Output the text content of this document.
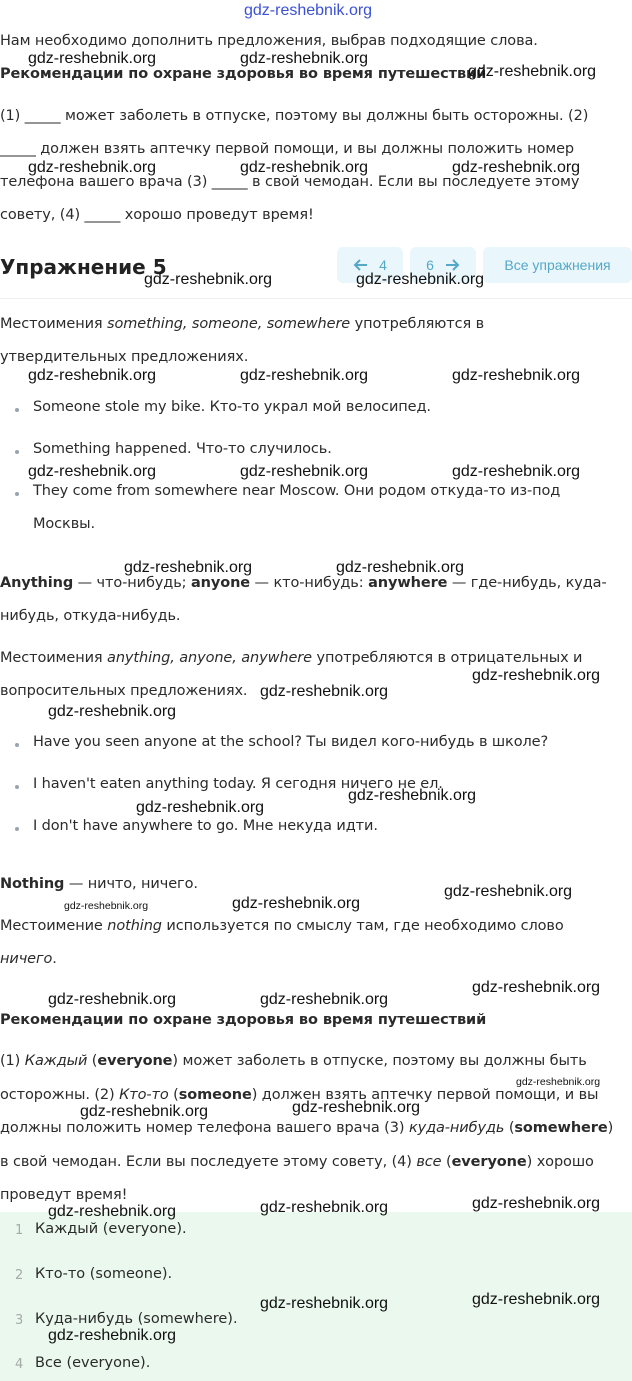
gdz-reshebnik.org
Нам необходимо дополнить предложения, выбрав подходящие слова.
Рекомендации по охране здоровья во время путешествий
(1) _____ может заболеть в отпуске, поэтому вы должны быть осторожны. (2)
_____ должен взять аптечку первой помощи, и вы должны положить номер
телефона вашего врача (3) _____ в свой чемодан. Если вы последуете этому
совету, (4) _____ хорошо проведут время!
Упражнение 5	4	6	Все упражнения
Местоимения something, someone, somewhere употребляются в
утвердительных предложениях.
Someone stole my bike. Кто-то украл мой велосипед.
Something happened. Что-то случилось.
They come from somewhere near Moscow. Они родом откуда-то из-под
Москвы.
Anything — что-нибудь; anyone — кто-нибудь: anywhere — где-нибудь, куда-
нибудь, откуда-нибудь.
Местоимения anything, anyone, anywhere употребляются в отрицательных и
вопросительных предложениях.
Have you seen anyone at the school? Ты видел кого-нибудь в школе?
I haven't eaten anything today. Я сегодня ничего не ел.
I don't have anywhere to go. Мне некуда идти.
Nothing — ничто, ничего.
Местоимение nothing используется по смыслу там, где необходимо слово
ничего.
Рекомендации по охране здоровья во время путешествий
(1) Каждый (everyone) может заболеть в отпуске, поэтому вы должны быть
осторожны. (2) Кто-то (someone) должен взять аптечку первой помощи, и вы
должны положить номер телефона вашего врача (3) куда-нибудь (somewhere)
в свой чемодан. Если вы последуете этому совету, (4) все (everyone) хорошо
проведут время!
1 Каждый (everyone).
2 Кто-то (someone).
3 Куда-нибудь (somewhere).
4 Все (everyone).
gdz-reshebnik.org	gdz-reshebnik.org
gdz-reshebnik.org
gdz-reshebnik.org	gdz-reshebnik.org	gdz-reshebnik.org
gdz-reshebnik.org	gdz-reshebnik.org
gdz-reshebnik.org	gdz-reshebnik.org	gdz-reshebnik.org
gdz-reshebnik.org	gdz-reshebnik.org	gdz-reshebnik.org
gdz-reshebnik.org	gdz-reshebnik.org
gdz-reshebnik.org
gdz-reshebnik.org
gdz-reshebnik.org
gdz-reshebnik.org
gdz-reshebnik.org
gdz-reshebnik.org
gdz-reshebnik.org	gdz-reshebnik.org
gdz-reshebnik.org
gdz-reshebnik.org	gdz-reshebnik.org
gdz-reshebnik.org
gdz-reshebnik.org
gdz-reshebnik.org
gdz-reshebnik.org
gdz-reshebnik.org
gdz-reshebnik.org
gdz-reshebnik.org
gdz-reshebnik.org
gdz-reshebnik.org
